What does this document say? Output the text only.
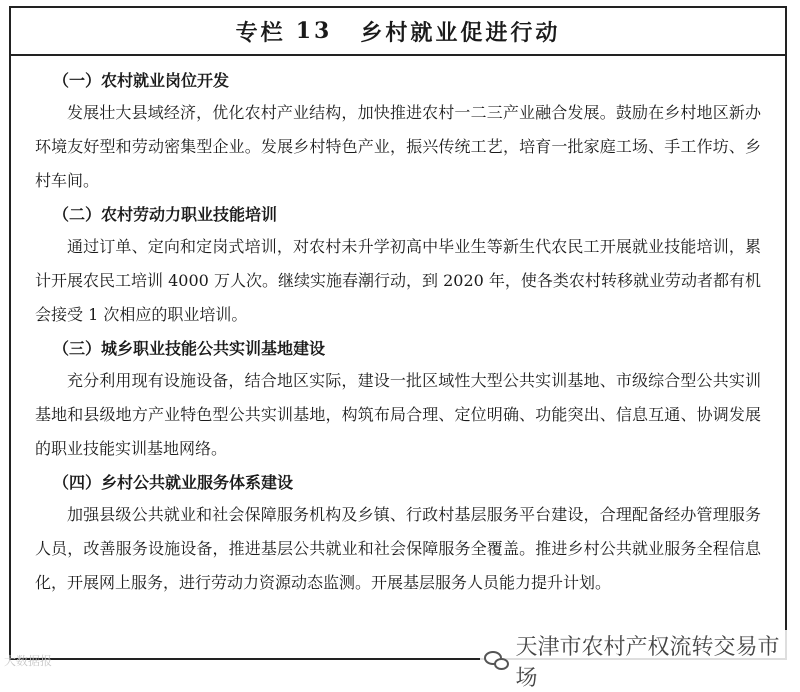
专栏 13 乡村就业促进行动
（一）农村就业岗位开发

发展壮大县域经济，优化农村产业结构，加快推进农村一二三产业融合发展。鼓励在乡村地区新办环境友好型和劳动密集型企业。发展乡村特色产业，振兴传统工艺，培育一批家庭工场、手工作坊、乡村车间。

（二）农村劳动力职业技能培训

通过订单、定向和定岗式培训，对农村未升学初高中毕业生等新生代农民工开展就业技能培训，累计开展农民工培训 4000 万人次。继续实施春潮行动，到 2020 年，使各类农村转移就业劳动者都有机会接受 1 次相应的职业培训。

（三）城乡职业技能公共实训基地建设

充分利用现有设施设备，结合地区实际，建设一批区域性大型公共实训基地、市级综合型公共实训基地和县级地方产业特色型公共实训基地，构筑布局合理、定位明确、功能突出、信息互通、协调发展的职业技能实训基地网络。

（四）乡村公共就业服务体系建设

加强县级公共就业和社会保障服务机构及乡镇、行政村基层服务平台建设，合理配备经办管理服务人员，改善服务设施设备，推进基层公共就业和社会保障服务全覆盖。推进乡村公共就业服务全程信息化，开展网上服务，进行劳动力资源动态监测。开展基层服务人员能力提升计划。

大数据报
天津市农村产权流转交易市场
